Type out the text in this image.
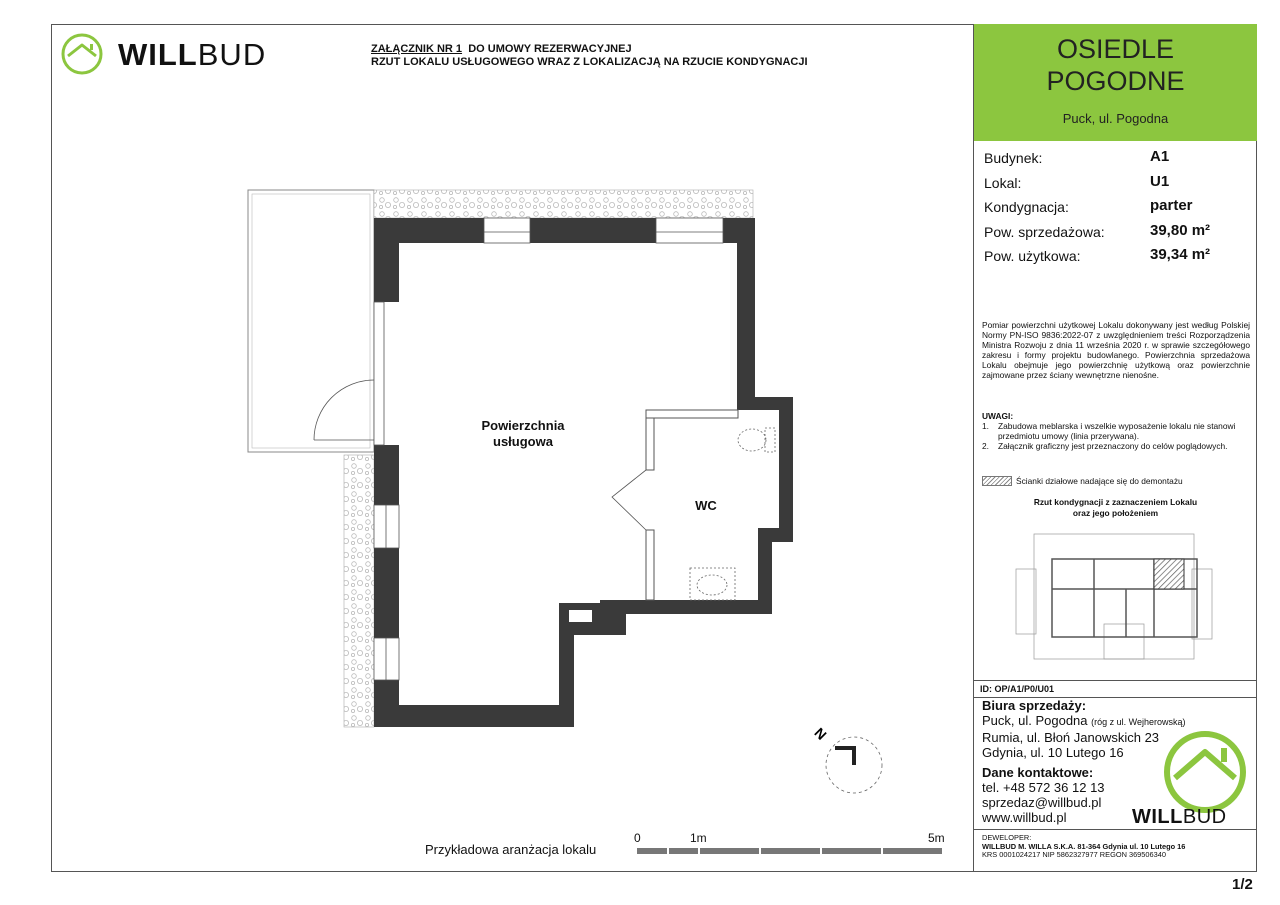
WILLBUD	ZAŁĄCZNIK NR 1 DO UMOWY REZERWACYJNEJ
RZUT LOKALU USŁUGOWEGO WRAZ Z LOKALIZACJĄ NA RZUCIE KONDYGNACJI
N
Powierzchnia
usługowa
WC
0	1m	5m
Przykładowa aranżacja lokalu
OSIEDLE
POGODNE
Puck, ul. Pogodna
Budynek:	A1
Lokal:	U1
Kondygnacja:	parter
Pow. sprzedażowa:	39,80 m²
Pow. użytkowa:	39,34 m²
Pomiar powierzchni użytkowej Lokalu dokonywany jest według Polskiej Normy PN-ISO 9836:2022-07 z uwzględnieniem treści Rozporządzenia Ministra Rozwoju z dnia 11 września 2020 r. w sprawie szczegółowego zakresu i formy projektu budowlanego. Powierzchnia sprzedażowa Lokalu obejmuje jego powierzchnię użytkową oraz powierzchnie zajmowane przez ściany wewnętrzne nienośne.
UWAGI:
1. Zabudowa meblarska i wszelkie wyposażenie lokalu nie stanowi przedmiotu umowy (linia przerywana).
2. Załącznik graficzny jest przeznaczony do celów poglądowych.
Ścianki działowe nadające się do demontażu
Rzut kondygnacji z zaznaczeniem Lokalu
oraz jego położeniem
ID: OP/A1/P0/U01
Biura sprzedaży:
Puck, ul. Pogodna (róg z ul. Wejherowską)
Rumia, ul. Błoń Janowskich 23
Gdynia, ul. 10 Lutego 16
Dane kontaktowe:
tel. +48 572 36 12 13
sprzedaz@willbud.pl
www.willbud.pl	WILLBUD
DEWELOPER:
WILLBUD M. WILLA S.K.A. 81-364 Gdynia ul. 10 Lutego 16
KRS 0001024217 NIP 5862327977 REGON 369506340
1/2
